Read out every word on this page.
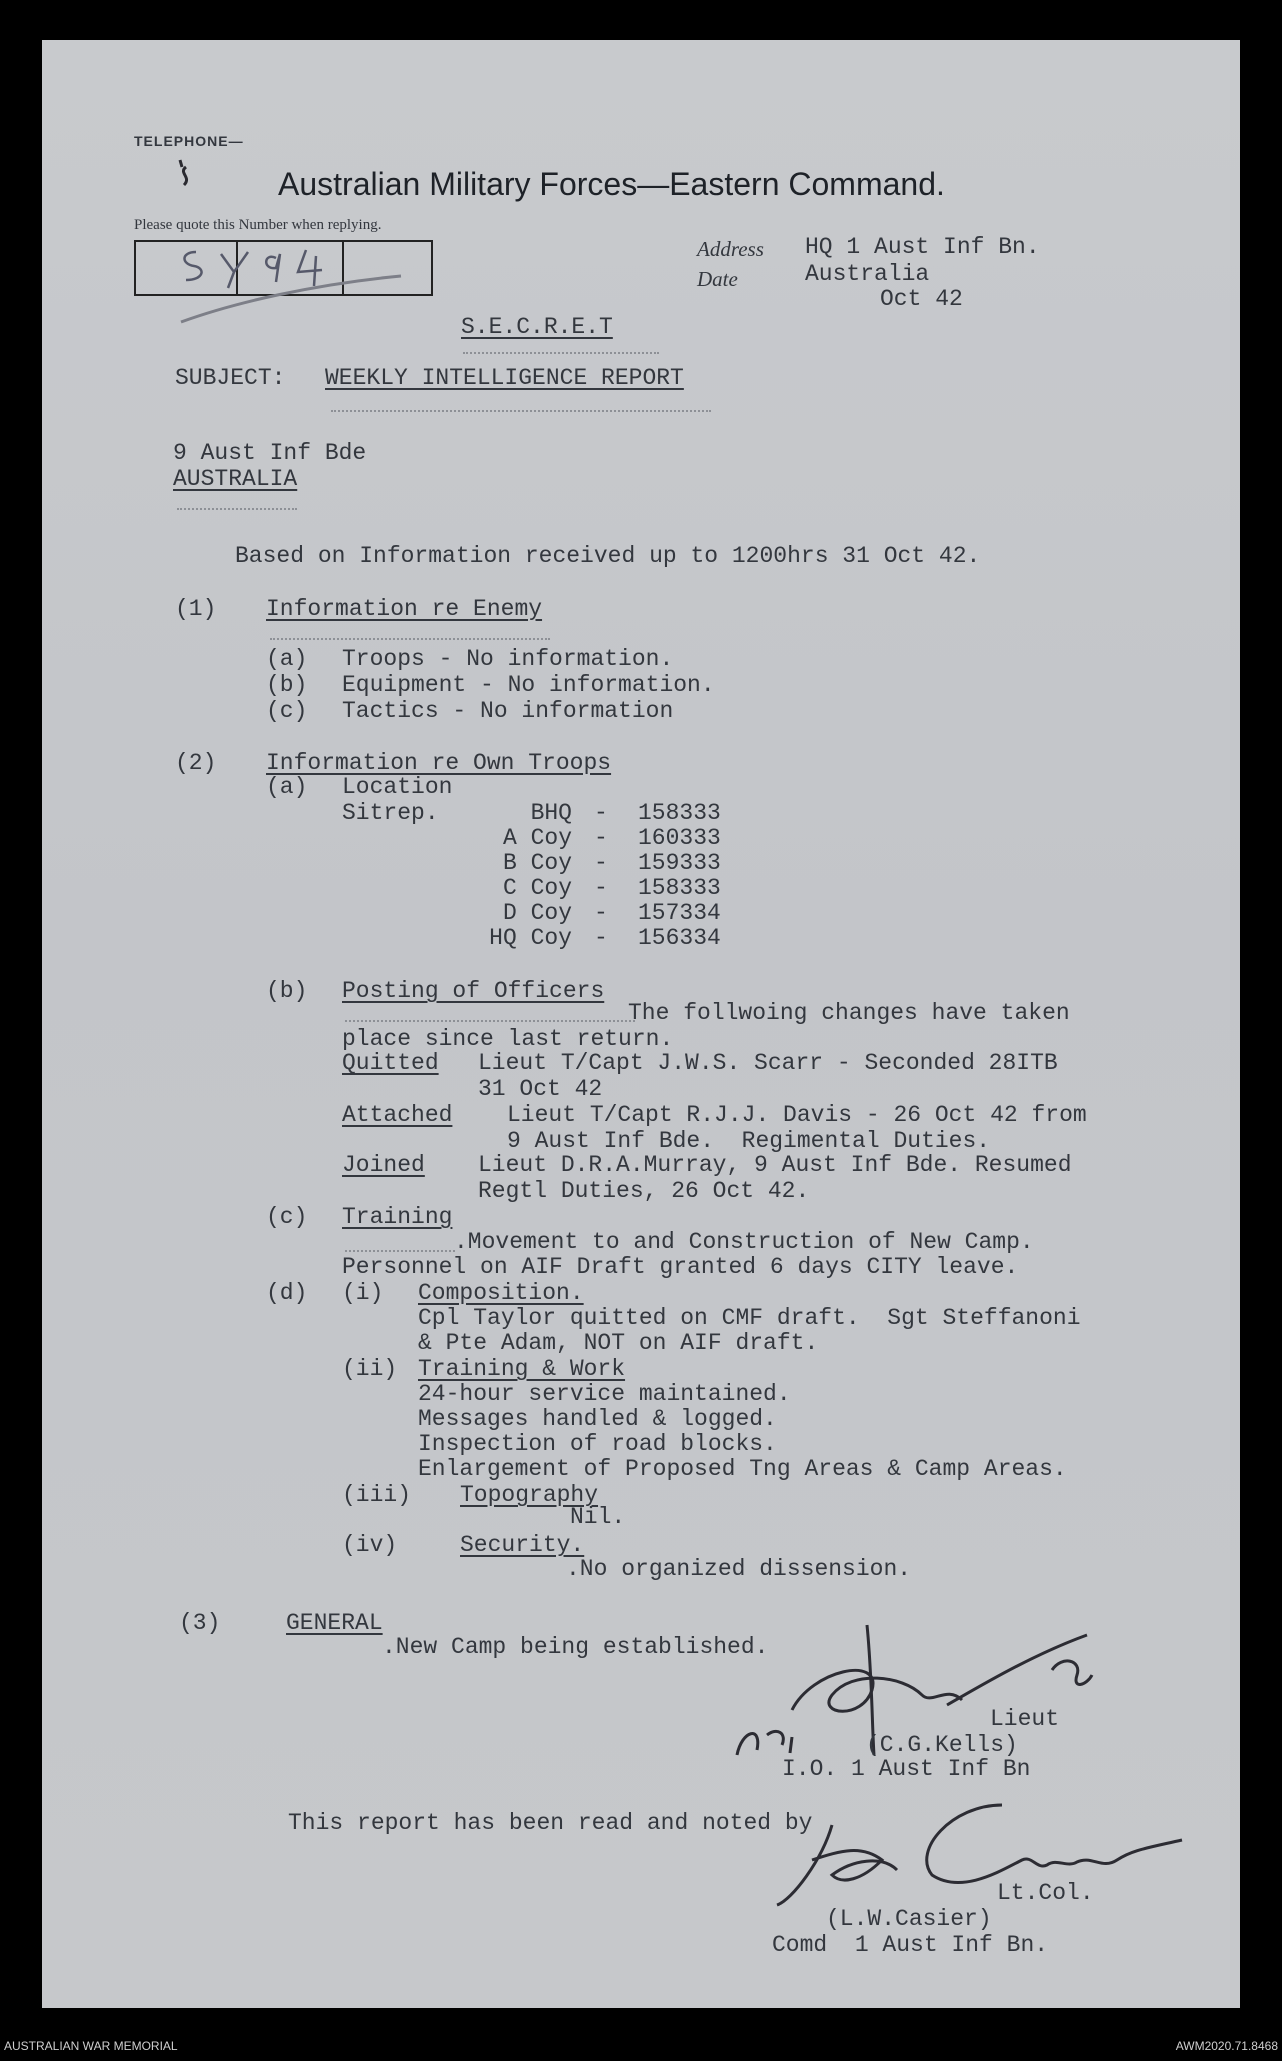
TELEPHONE—
Australian Military Forces—Eastern Command.
Please quote this Number when replying.
Address
Date
HQ 1 Aust Inf Bn.
Australia
Oct 42
S.E.C.R.E.T
SUBJECT: WEEKLY INTELLIGENCE REPORT
9 Aust Inf Bde
AUSTRALIA
Based on Information received up to 1200hrs 31 Oct 42.
(1) Information re Enemy
(a) Troops - No information.
(b) Equipment - No information.
(c) Tactics - No information
(2) Information re Own Troops
(a) Location
Sitrep.	BHQ - 158333
A Coy - 160333
B Coy - 159333
C Coy - 158333
D Coy - 157334
HQ Coy - 156334
(b) Posting of Officers
The follwoing changes have taken
place since last return.
Quitted Lieut T/Capt J.W.S. Scarr - Seconded 28ITB
31 Oct 42
Attached Lieut T/Capt R.J.J. Davis - 26 Oct 42 from
9 Aust Inf Bde.  Regimental Duties.
Joined Lieut D.R.A.Murray, 9 Aust Inf Bde. Resumed
Regtl Duties, 26 Oct 42.
(c) Training
.Movement to and Construction of New Camp.
Personnel on AIF Draft granted 6 days CITY leave.
(d) (i) Composition.
Cpl Taylor quitted on CMF draft.  Sgt Steffanoni
& Pte Adam, NOT on AIF draft.
(ii) Training & Work
24-hour service maintained.
Messages handled & logged.
Inspection of road blocks.
Enlargement of Proposed Tng Areas & Camp Areas.
(iii) Topography
Nil.
(iv)	Security.
.No organized dissension.
(3)	GENERAL
.New Camp being established.
Lieut
(C.G.Kells)
I.O. 1 Aust Inf Bn
This report has been read and noted by
Lt.Col.
(L.W.Casier)
Comd  1 Aust Inf Bn.
AUSTRALIAN WAR MEMORIAL	AWM2020.71.8468
